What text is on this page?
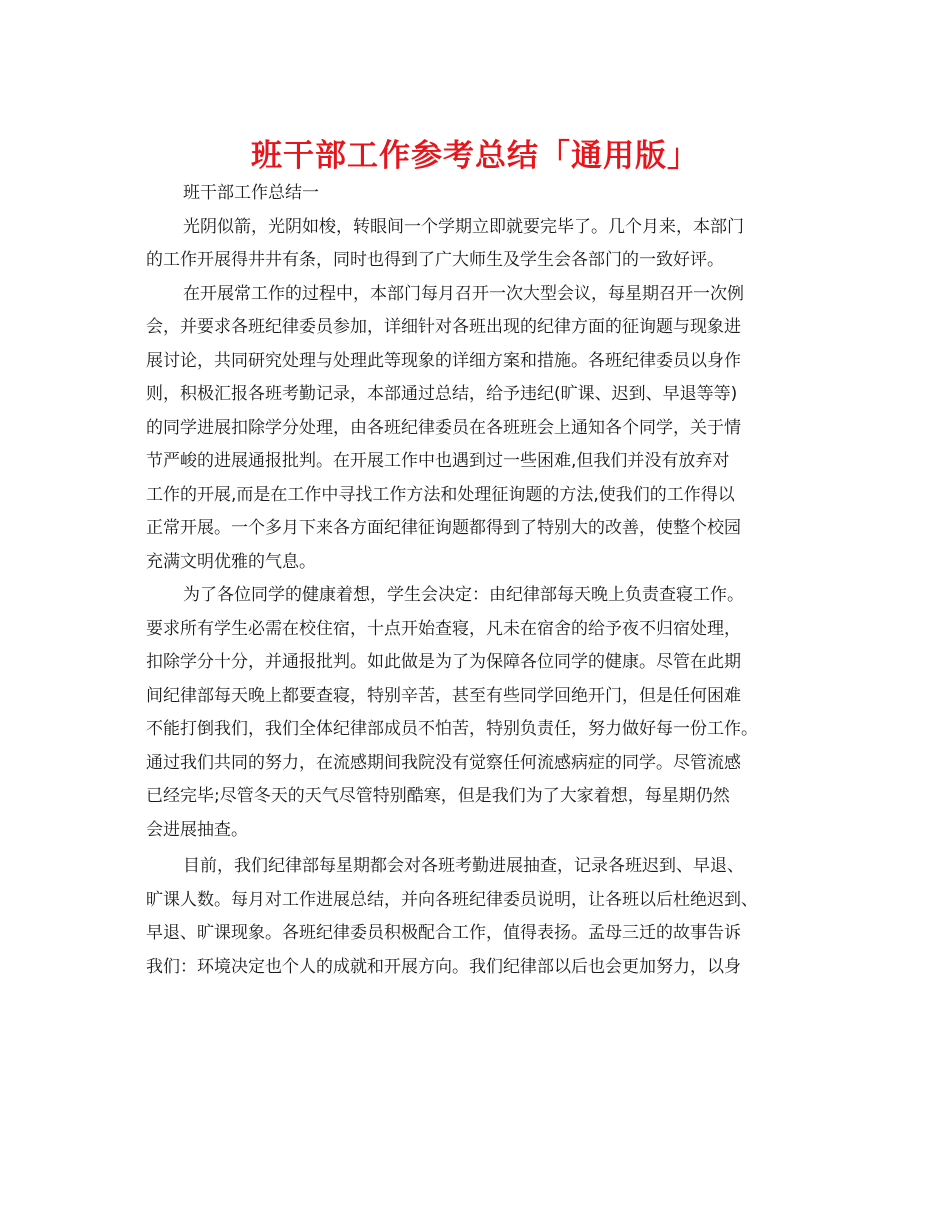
班干部工作参考总结「通用版」
班干部工作总结一
光阴似箭，光阴如梭，转眼间一个学期立即就要完毕了。几个月来，本部门
的工作开展得井井有条，同时也得到了广大师生及学生会各部门的一致好评。
在开展常工作的过程中，本部门每月召开一次大型会议，每星期召开一次例
会，并要求各班纪律委员参加，详细针对各班出现的纪律方面的征询题与现象进
展讨论，共同研究处理与处理此等现象的详细方案和措施。各班纪律委员以身作
则，积极汇报各班考勤记录，本部通过总结，给予违纪(旷课、迟到、早退等等)
的同学进展扣除学分处理，由各班纪律委员在各班班会上通知各个同学，关于情
节严峻的进展通报批判。在开展工作中也遇到过一些困难,但我们并没有放弃对
工作的开展,而是在工作中寻找工作方法和处理征询题的方法,使我们的工作得以
正常开展。一个多月下来各方面纪律征询题都得到了特别大的改善，使整个校园
充满文明优雅的气息。
为了各位同学的健康着想，学生会决定：由纪律部每天晚上负责查寝工作。
要求所有学生必需在校住宿，十点开始查寝，凡未在宿舍的给予夜不归宿处理，
扣除学分十分，并通报批判。如此做是为了为保障各位同学的健康。尽管在此期
间纪律部每天晚上都要查寝，特别辛苦，甚至有些同学回绝开门，但是任何困难
不能打倒我们，我们全体纪律部成员不怕苦，特别负责任，努力做好每一份工作。
通过我们共同的努力，在流感期间我院没有觉察任何流感病症的同学。尽管流感
已经完毕;尽管冬天的天气尽管特别酷寒，但是我们为了大家着想，每星期仍然
会进展抽查。
目前，我们纪律部每星期都会对各班考勤进展抽查，记录各班迟到、早退、
旷课人数。每月对工作进展总结，并向各班纪律委员说明，让各班以后杜绝迟到、
早退、旷课现象。各班纪律委员积极配合工作，值得表扬。孟母三迁的故事告诉
我们：环境决定也个人的成就和开展方向。我们纪律部以后也会更加努力，以身
